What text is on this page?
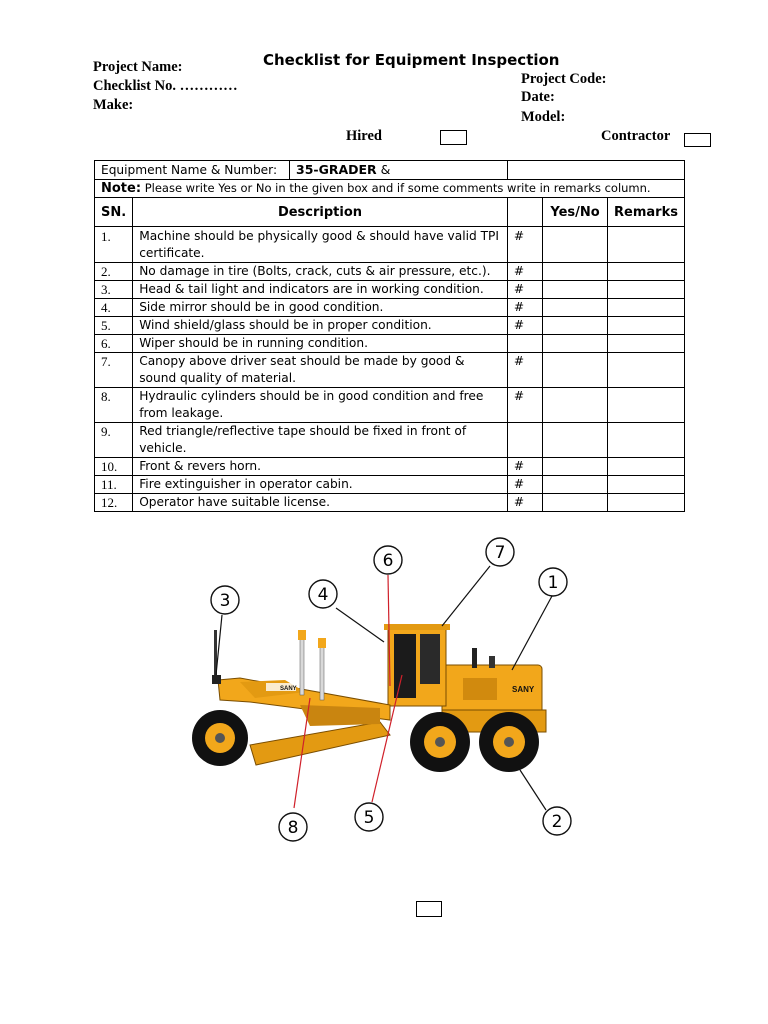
Checklist for Equipment Inspection
Project Name:
Checklist No. …………
Make:
Project Code:
Date:
Model:
Hired	Contractor
Equipment Name & Number: 35-GRADER &				

Note: Please write Yes or No in the given box and if some comments write in remarks column.				
SN.	Description		Yes/No	Remarks
1.	Machine should be physically good & should have valid TPI certificate.	#		
2.	No damage in tire (Bolts, crack, cuts & air pressure, etc.).	#		
3.	Head & tail light and indicators are in working condition.	#		
4.	Side mirror should be in good condition.	#		
5.	Wind shield/glass should be in proper condition.	#		
6.	Wiper should be in running condition.			
7.	Canopy above driver seat should be made by good & sound quality of material.	#		
8.	Hydraulic cylinders should be in good condition and free from leakage.	#		
9.	Red triangle/reflective tape should be fixed in front of vehicle.			
10.	Front & revers horn.	#		
11.	Fire extinguisher in operator cabin.	#		
12.	Operator have suitable license.	#		
SANY
SANY
1
2
3	4
5
6	7
8
